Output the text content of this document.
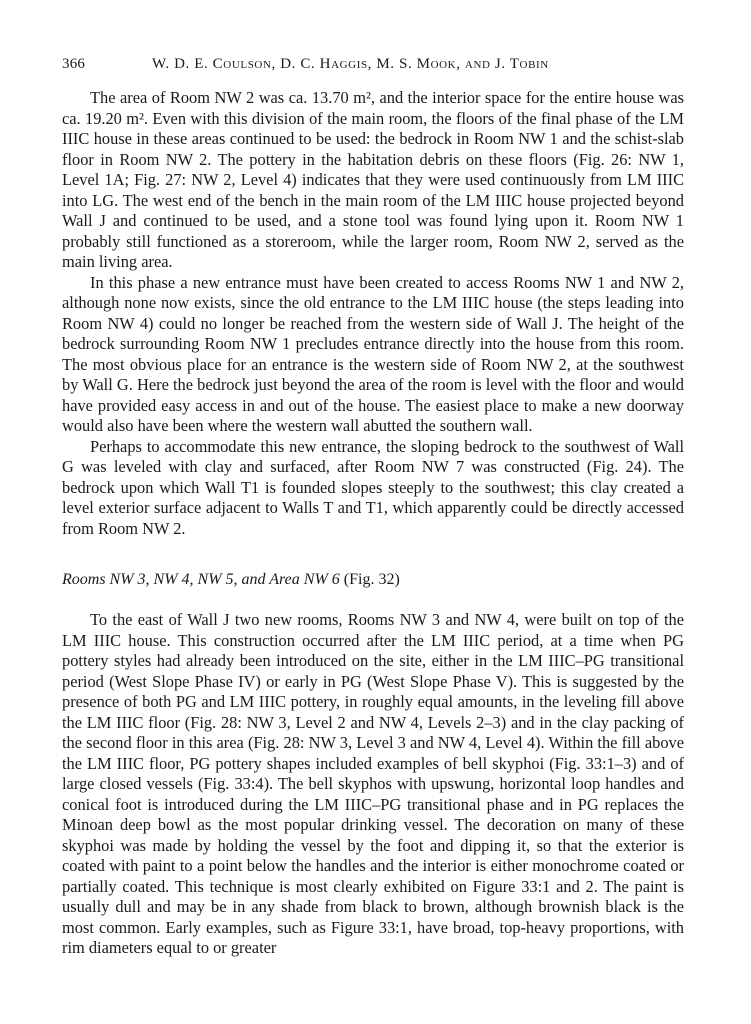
366	W. D. E. Coulson, D. C. Haggis, M. S. Mook, and J. Tobin

The area of Room NW 2 was ca. 13.70 m², and the interior space for the entire house was ca. 19.20 m². Even with this division of the main room, the floors of the final phase of the LM IIIC house in these areas continued to be used: the bedrock in Room NW 1 and the schist-slab floor in Room NW 2. The pottery in the habitation debris on these floors (Fig. 26: NW 1, Level 1A; Fig. 27: NW 2, Level 4) indicates that they were used continuously from LM IIIC into LG. The west end of the bench in the main room of the LM IIIC house projected beyond Wall J and continued to be used, and a stone tool was found lying upon it. Room NW 1 probably still functioned as a storeroom, while the larger room, Room NW 2, served as the main living area.

In this phase a new entrance must have been created to access Rooms NW 1 and NW 2, although none now exists, since the old entrance to the LM IIIC house (the steps leading into Room NW 4) could no longer be reached from the western side of Wall J. The height of the bedrock surrounding Room NW 1 precludes entrance directly into the house from this room. The most obvious place for an entrance is the western side of Room NW 2, at the southwest by Wall G. Here the bedrock just beyond the area of the room is level with the floor and would have provided easy access in and out of the house. The easiest place to make a new doorway would also have been where the western wall abutted the southern wall.

Perhaps to accommodate this new entrance, the sloping bedrock to the southwest of Wall G was leveled with clay and surfaced, after Room NW 7 was constructed (Fig. 24). The bedrock upon which Wall T1 is founded slopes steeply to the southwest; this clay created a level exterior surface adjacent to Walls T and T1, which apparently could be directly accessed from Room NW 2.

Rooms NW 3, NW 4, NW 5, and Area NW 6 (Fig. 32)

To the east of Wall J two new rooms, Rooms NW 3 and NW 4, were built on top of the LM IIIC house. This construction occurred after the LM IIIC period, at a time when PG pottery styles had already been introduced on the site, either in the LM IIIC–PG transitional period (West Slope Phase IV) or early in PG (West Slope Phase V). This is suggested by the presence of both PG and LM IIIC pottery, in roughly equal amounts, in the leveling fill above the LM IIIC floor (Fig. 28: NW 3, Level 2 and NW 4, Levels 2–3) and in the clay packing of the second floor in this area (Fig. 28: NW 3, Level 3 and NW 4, Level 4). Within the fill above the LM IIIC floor, PG pottery shapes included examples of bell skyphoi (Fig. 33:1–3) and of large closed vessels (Fig. 33:4). The bell skyphos with upswung, horizontal loop handles and conical foot is introduced during the LM IIIC–PG transitional phase and in PG replaces the Minoan deep bowl as the most popular drinking vessel. The decoration on many of these skyphoi was made by holding the vessel by the foot and dipping it, so that the exterior is coated with paint to a point below the handles and the interior is either monochrome coated or partially coated. This technique is most clearly exhibited on Figure 33:1 and 2. The paint is usually dull and may be in any shade from black to brown, although brownish black is the most common. Early examples, such as Figure 33:1, have broad, top-heavy proportions, with rim diameters equal to or greater
